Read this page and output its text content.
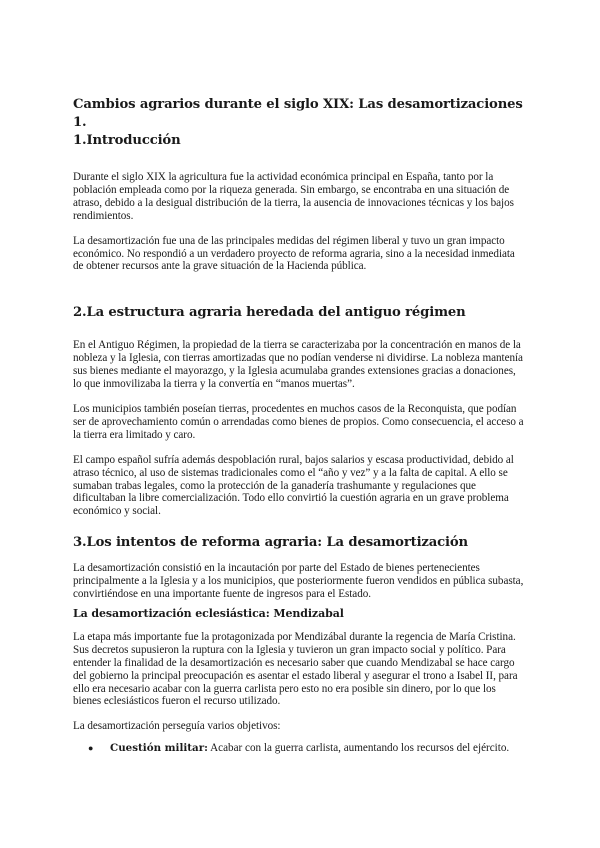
Cambios agrarios durante el siglo XIX: Las desamortizaciones 1.
1.Introducción

Durante el siglo XIX la agricultura fue la actividad económica principal en España, tanto por la población empleada como por la riqueza generada. Sin embargo, se encontraba en una situación de atraso, debido a la desigual distribución de la tierra, la ausencia de innovaciones técnicas y los bajos rendimientos.

La desamortización fue una de las principales medidas del régimen liberal y tuvo un gran impacto económico. No respondió a un verdadero proyecto de reforma agraria, sino a la necesidad inmediata de obtener recursos ante la grave situación de la Hacienda pública.

2.La estructura agraria heredada del antiguo régimen

En el Antiguo Régimen, la propiedad de la tierra se caracterizaba por la concentración en manos de la nobleza y la Iglesia, con tierras amortizadas que no podían venderse ni dividirse. La nobleza mantenía sus bienes mediante el mayorazgo, y la Iglesia acumulaba grandes extensiones gracias a donaciones, lo que inmovilizaba la tierra y la convertía en “manos muertas”.

Los municipios también poseían tierras, procedentes en muchos casos de la Reconquista, que podían ser de aprovechamiento común o arrendadas como bienes de propios. Como consecuencia, el acceso a la tierra era limitado y caro.

El campo español sufría además despoblación rural, bajos salarios y escasa productividad, debido al atraso técnico, al uso de sistemas tradicionales como el “año y vez” y a la falta de capital. A ello se sumaban trabas legales, como la protección de la ganadería trashumante y regulaciones que dificultaban la libre comercialización. Todo ello convirtió la cuestión agraria en un grave problema económico y social.

3.Los intentos de reforma agraria: La desamortización

La desamortización consistió en la incautación por parte del Estado de bienes pertenecientes principalmente a la Iglesia y a los municipios, que posteriormente fueron vendidos en pública subasta, convirtiéndose en una importante fuente de ingresos para el Estado.

La desamortización eclesiástica: Mendizabal

La etapa más importante fue la protagonizada por Mendizábal durante la regencia de María Cristina. Sus decretos supusieron la ruptura con la Iglesia y tuvieron un gran impacto social y político. Para entender la finalidad de la desamortización es necesario saber que cuando Mendizabal se hace cargo del gobierno la principal preocupación es asentar el estado liberal y asegurar el trono a Isabel II, para ello era necesario acabar con la guerra carlista pero esto no era posible sin dinero, por lo que los bienes eclesiásticos fueron el recurso utilizado.

La desamortización perseguía varios objetivos:

● Cuestión militar: Acabar con la guerra carlista, aumentando los recursos del ejército.
